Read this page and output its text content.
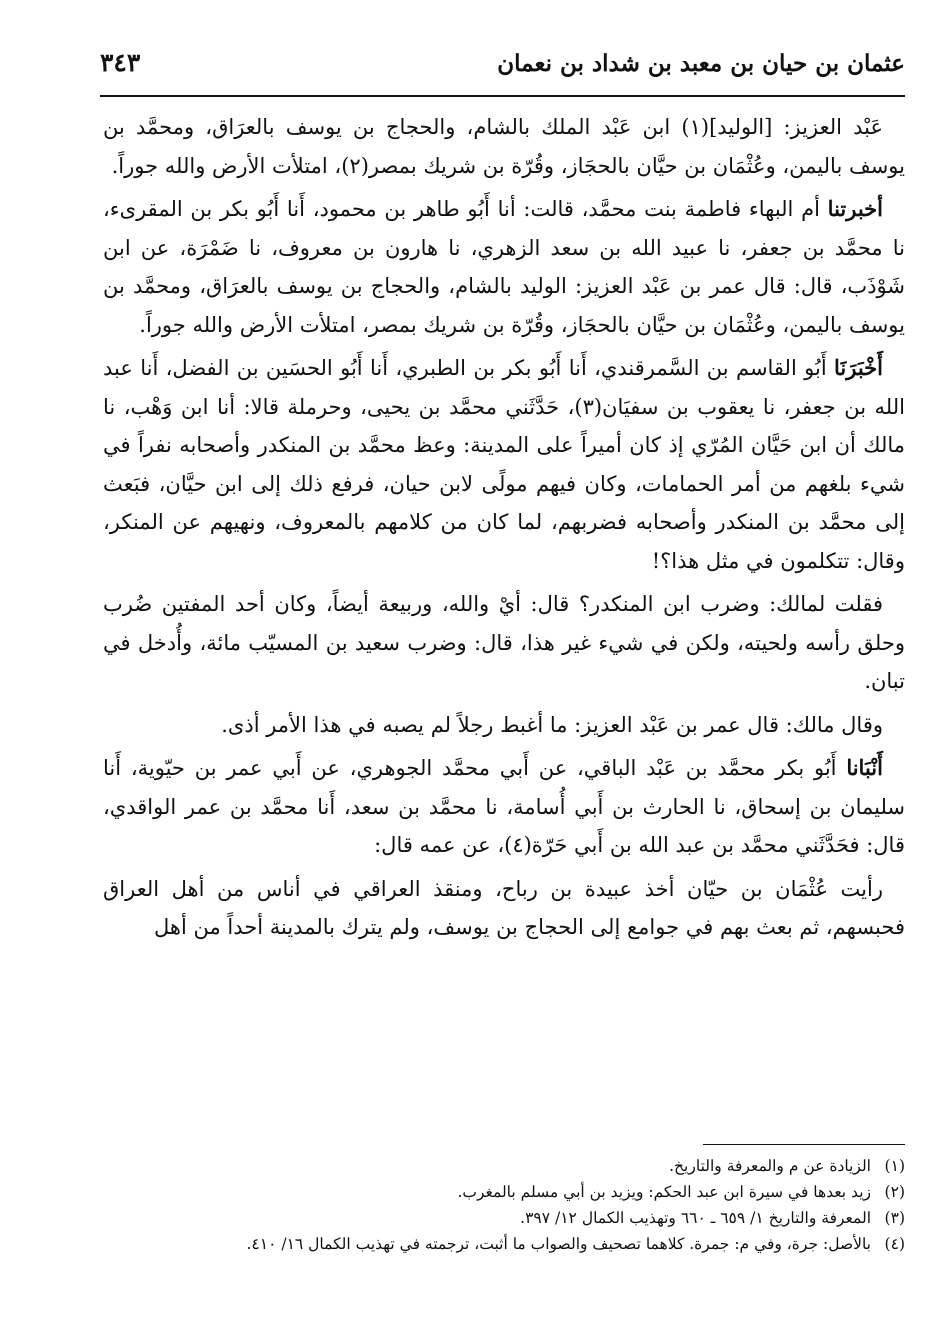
عثمان بن حيان بن معبد بن شداد بن نعمان
٣٤٣

عَبْد العزيز: [الوليد](١) ابن عَبْد الملك بالشام، والحجاج بن يوسف بالعرَاق، ومحمَّد بن يوسف باليمن، وعُثْمَان بن حيَّان بالحجَاز، وقُرّة بن شريك بمصر(٢)، امتلأت الأرض والله جوراً.

أخبرتنا أم البهاء فاطمة بنت محمَّد، قالت: أنا أَبُو طاهر بن محمود، أَنا أَبُو بكر بن المقرىء، نا محمَّد بن جعفر، نا عبيد الله بن سعد الزهري، نا هارون بن معروف، نا ضَمْرَة، عن ابن شَوْذَب، قال: قال عمر بن عَبْد العزيز: الوليد بالشام، والحجاج بن يوسف بالعرَاق، ومحمَّد بن يوسف باليمن، وعُثْمَان بن حيَّان بالحجَاز، وقُرّة بن شريك بمصر، امتلأت الأرض والله جوراً.

أَخْبَرَنَا أَبُو القاسم بن السَّمرقندي، أَنا أَبُو بكر بن الطبري، أَنا أَبُو الحسَين بن الفضل، أَنا عبد الله بن جعفر، نا يعقوب بن سفيَان(٣)، حَدَّثَني محمَّد بن يحيى، وحرملة قالا: أنا ابن وَهْب، نا مالك أن ابن حَيَّان المُرّي إذ كان أميراً على المدينة: وعظ محمَّد بن المنكدر وأصحابه نفراً في شيء بلغهم من أمر الحمامات، وكان فيهم مولًى لابن حيان، فرفع ذلك إلى ابن حيَّان، فبَعث إلى محمَّد بن المنكدر وأصحابه فضربهم، لما كان من كلامهم بالمعروف، ونهيهم عن المنكر، وقال: تتكلمون في مثل هذا؟!

فقلت لمالك: وضرب ابن المنكدر؟ قال: أيْ والله، وربيعة أيضاً، وكان أحد المفتين ضُرب وحلق رأسه ولحيته، ولكن في شيء غير هذا، قال: وضرب سعيد بن المسيّب مائة، وأُدخل في تبان.

وقال مالك: قال عمر بن عَبْد العزيز: ما أغبط رجلاً لم يصبه في هذا الأمر أذى.

أَنْبَانا أَبُو بكر محمَّد بن عَبْد الباقي، عن أَبي محمَّد الجوهري، عن أَبي عمر بن حيّوية، أَنا سليمان بن إسحاق، نا الحارث بن أَبي أُسامة، نا محمَّد بن سعد، أَنا محمَّد بن عمر الواقدي، قال: فحَدَّثَني محمَّد بن عبد الله بن أَبي حَرّة(٤)، عن عمه قال:

رأيت عُثْمَان بن حيّان أخذ عبيدة بن رباح، ومنقذ العراقي في أناس من أهل العراق فحبسهم، ثم بعث بهم في جوامع إلى الحجاج بن يوسف، ولم يترك بالمدينة أحداً من أهل

(١)الزيادة عن م والمعرفة والتاريخ.

(٢)زيد بعدها في سيرة ابن عبد الحكم: ويزيد بن أبي مسلم بالمغرب.

(٣)المعرفة والتاريخ ١/ ٦٥٩ ـ ٦٦٠ وتهذيب الكمال ١٢/ ٣٩٧.

(٤)بالأصل: جرة، وفي م: جمرة. كلاهما تصحيف والصواب ما أثبت، ترجمته في تهذيب الكمال ١٦/ ٤١٠.
